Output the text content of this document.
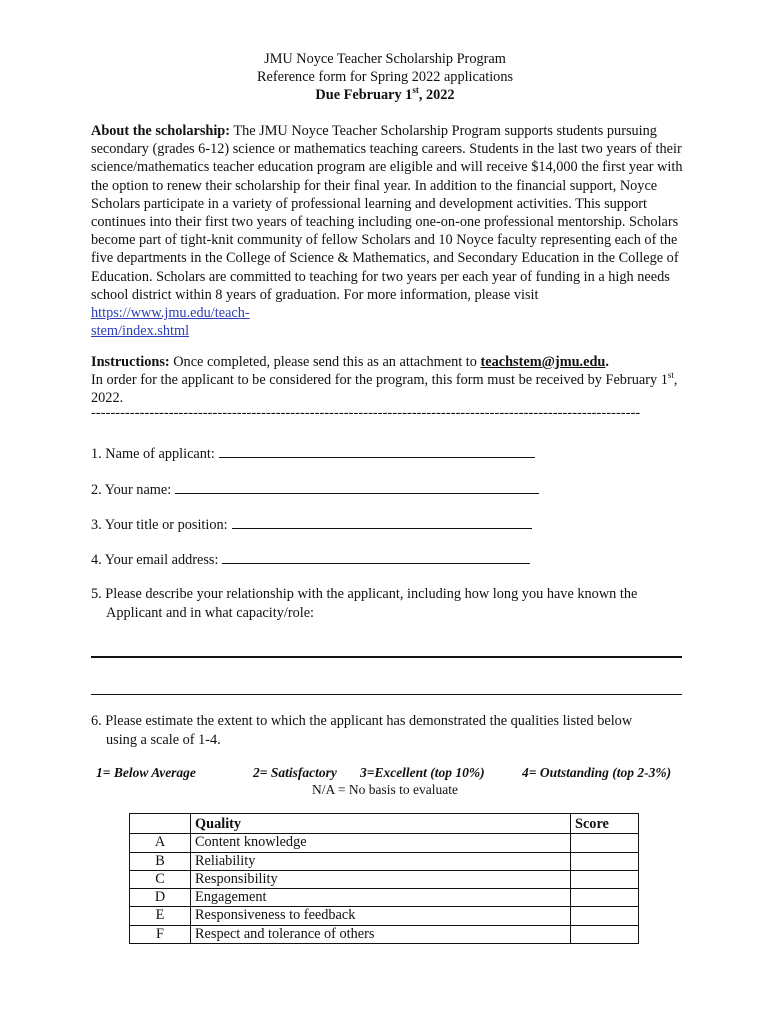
JMU Noyce Teacher Scholarship Program
Reference form for Spring 2022 applications
Due February 1st, 2022
About the scholarship: The JMU Noyce Teacher Scholarship Program supports students pursuing secondary (grades 6-12) science or mathematics teaching careers. Students in the last two years of their science/mathematics teacher education program are eligible and will receive $14,000 the first year with the option to renew their scholarship for their final year. In addition to the financial support, Noyce Scholars participate in a variety of professional learning and development activities. This support continues into their first two years of teaching including one-on-one professional mentorship. Scholars become part of tight-knit community of fellow Scholars and 10 Noyce faculty representing each of the five departments in the College of Science & Mathematics, and Secondary Education in the College of Education. Scholars are committed to teaching for two years per each year of funding in a high needs school district within 8 years of graduation. For more information, please visit https://www.jmu.edu/teach-
stem/index.shtml
Instructions: Once completed, please send this as an attachment to teachstem@jmu.edu.
In order for the applicant to be considered for the program, this form must be received by February 1st, 2022.
-----------------------------------------------------------------------------------------------------------------
1. Name of applicant:
2. Your name:
3. Your title or position:
4. Your email address:
5. Please describe your relationship with the applicant, including how long you have known the
Applicant and in what capacity/role:
6. Please estimate the extent to which the applicant has demonstrated the qualities listed below
using a scale of 1-4.
1= Below Average	2= Satisfactory 3=Excellent (top 10%)	4= Outstanding (top 2-3%)
N/A = No basis to evaluate
	Quality	Score
A	Content knowledge	
B	Reliability	
C	Responsibility	
D	Engagement	
E	Responsiveness to feedback	
F	Respect and tolerance of others	
